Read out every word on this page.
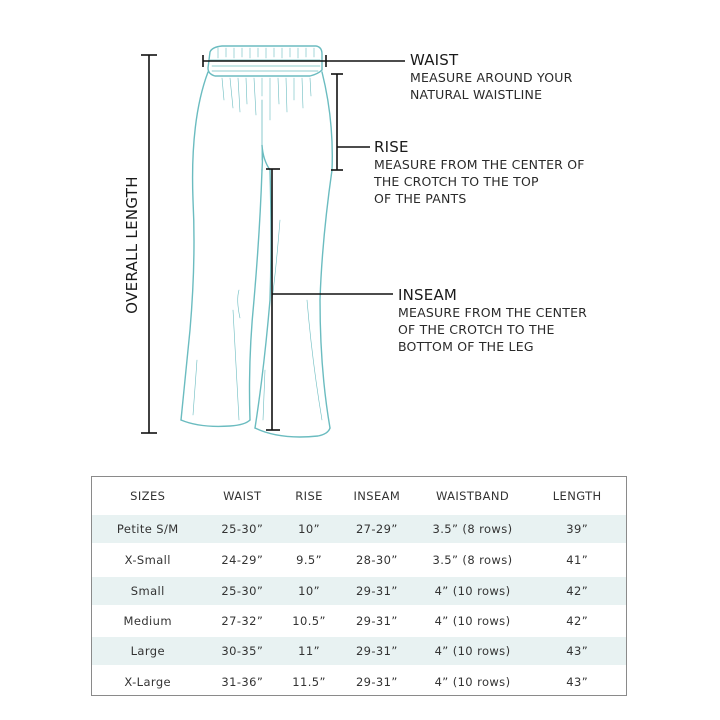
OVERALL LENGTH
WAIST
MEASURE AROUND YOUR
NATURAL WAISTLINE
RISE
MEASURE FROM THE CENTER OF
THE CROTCH TO THE TOP
OF THE PANTS
INSEAM
MEASURE FROM THE CENTER
OF THE CROTCH TO THE
BOTTOM OF THE LEG
SIZES	WAIST	RISE	INSEAM	WAISTBAND	LENGTH
Petite S/M	25-30”	10”	27-29”	3.5” (8 rows)	39”
X-Small	24-29”	9.5”	28-30”	3.5” (8 rows)	41”
Small	25-30”	10”	29-31”	4” (10 rows)	42”
Medium	27-32”	10.5”	29-31”	4” (10 rows)	42”
Large	30-35”	11”	29-31”	4” (10 rows)	43”
X-Large	31-36”	11.5”	29-31”	4” (10 rows)	43”
